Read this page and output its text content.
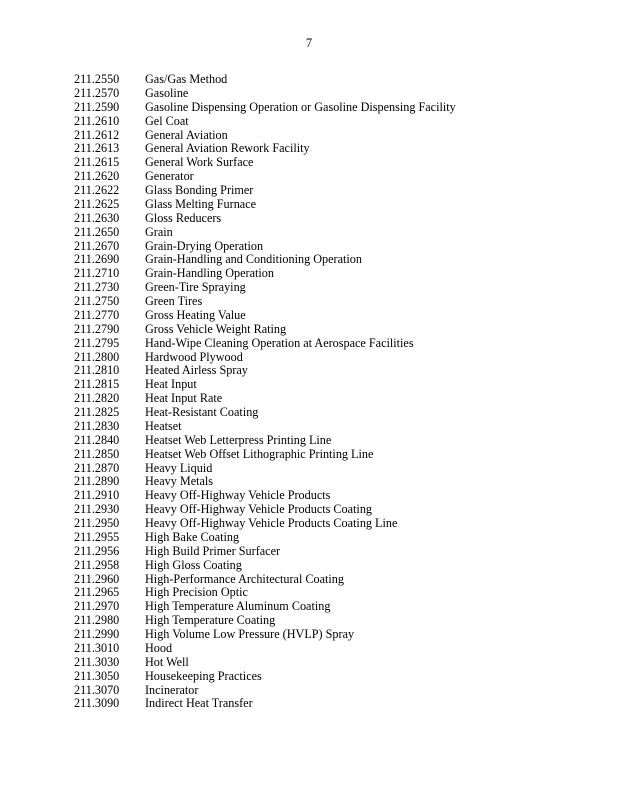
7
211.2550	Gas/Gas Method
211.2570	Gasoline
211.2590	Gasoline Dispensing Operation or Gasoline Dispensing Facility
211.2610	Gel Coat
211.2612	General Aviation
211.2613	General Aviation Rework Facility
211.2615	General Work Surface
211.2620	Generator
211.2622	Glass Bonding Primer
211.2625	Glass Melting Furnace
211.2630	Gloss Reducers
211.2650	Grain
211.2670	Grain-Drying Operation
211.2690	Grain-Handling and Conditioning Operation
211.2710	Grain-Handling Operation
211.2730	Green-Tire Spraying
211.2750	Green Tires
211.2770	Gross Heating Value
211.2790	Gross Vehicle Weight Rating
211.2795	Hand-Wipe Cleaning Operation at Aerospace Facilities
211.2800	Hardwood Plywood
211.2810	Heated Airless Spray
211.2815	Heat Input
211.2820	Heat Input Rate
211.2825	Heat-Resistant Coating
211.2830	Heatset
211.2840	Heatset Web Letterpress Printing Line
211.2850	Heatset Web Offset Lithographic Printing Line
211.2870	Heavy Liquid
211.2890	Heavy Metals
211.2910	Heavy Off-Highway Vehicle Products
211.2930	Heavy Off-Highway Vehicle Products Coating
211.2950	Heavy Off-Highway Vehicle Products Coating Line
211.2955	High Bake Coating
211.2956	High Build Primer Surfacer
211.2958	High Gloss Coating
211.2960	High-Performance Architectural Coating
211.2965	High Precision Optic
211.2970	High Temperature Aluminum Coating
211.2980	High Temperature Coating
211.2990	High Volume Low Pressure (HVLP) Spray
211.3010	Hood
211.3030	Hot Well
211.3050	Housekeeping Practices
211.3070	Incinerator
211.3090	Indirect Heat Transfer
